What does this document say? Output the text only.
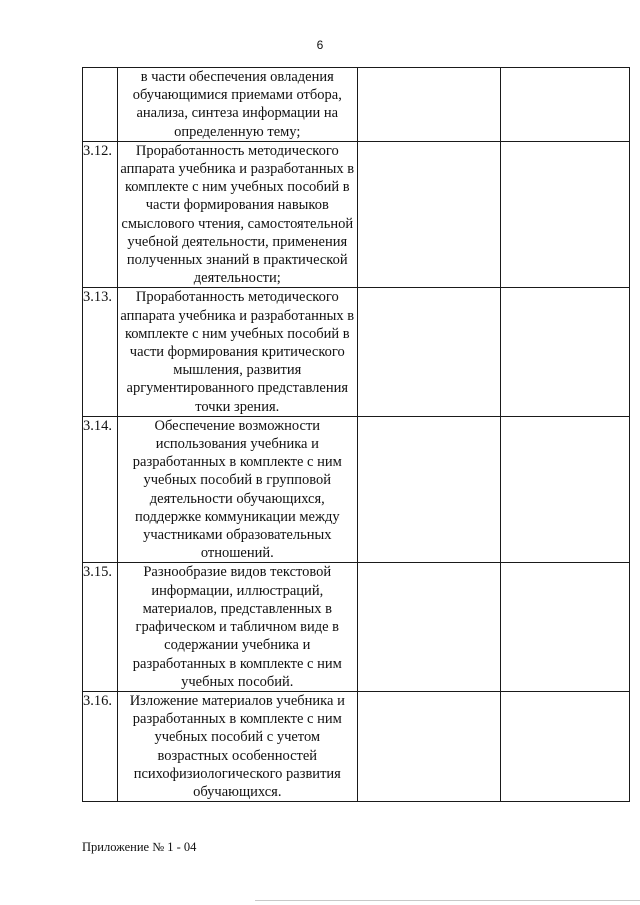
6
	в части обеспечения овладения обучающимися приемами отбора, анализа, синтеза информации на определенную тему;		
3.12.	Проработанность методического аппарата учебника и разработанных в комплекте с ним учебных пособий в части формирования навыков смыслового чтения, самостоятельной учебной деятельности, применения полученных знаний в практической деятельности;		
3.13.	Проработанность методического аппарата учебника и разработанных в комплекте с ним учебных пособий в части формирования критического мышления, развития аргументированного представления точки зрения.		
3.14.	Обеспечение возможности использования учебника и разработанных в комплекте с ним учебных пособий в групповой деятельности обучающихся, поддержке коммуникации между участниками образовательных отношений.		
3.15.	Разнообразие видов текстовой информации, иллюстраций, материалов, представленных в графическом и табличном виде в содержании учебника и разработанных в комплекте с ним учебных пособий.		
3.16.	Изложение материалов учебника и разработанных в комплекте с ним учебных пособий с учетом возрастных особенностей психофизиологического развития обучающихся.		
Приложение № 1 - 04
